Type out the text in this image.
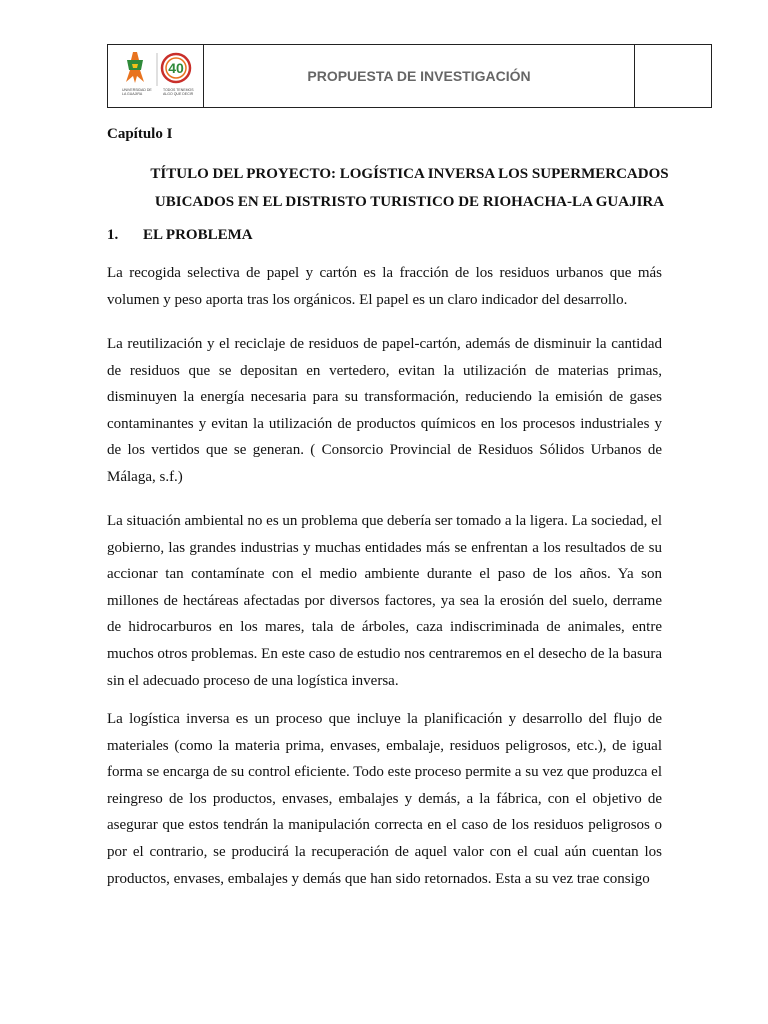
40
UNIVERSIDAD DE LA GUAJIRA
TODOS TENEMOS ALGO QUE DECIR
PROPUESTA DE INVESTIGACIÓN
Capítulo I
TÍTULO DEL PROYECTO: LOGÍSTICA INVERSA LOS SUPERMERCADOS
UBICADOS EN EL DISTRISTO TURISTICO DE RIOHACHA-LA GUAJIRA
1.	EL PROBLEMA

La recogida selectiva de papel y cartón es la fracción de los residuos urbanos que más volumen y peso aporta tras los orgánicos. El papel es un claro indicador del desarrollo.

La reutilización y el reciclaje de residuos de papel-cartón, además de disminuir la cantidad de residuos que se depositan en vertedero, evitan la utilización de materias primas, disminuyen la energía necesaria para su transformación, reduciendo la emisión de gases contaminantes y evitan la utilización de productos químicos en los procesos industriales y de los vertidos que se generan. ( Consorcio Provincial de Residuos Sólidos Urbanos de Málaga, s.f.)

La situación ambiental no es un problema que debería ser tomado a la ligera. La sociedad, el gobierno, las grandes industrias y muchas entidades más se enfrentan a los resultados de su accionar tan contamínate con el medio ambiente durante el paso de los años. Ya son millones de hectáreas afectadas por diversos factores, ya sea la erosión del suelo, derrame de hidrocarburos en los mares, tala de árboles, caza indiscriminada de animales, entre muchos otros problemas. En este caso de estudio nos centraremos en el desecho de la basura sin el adecuado proceso de una logística inversa.

La logística inversa es un proceso que incluye la planificación y desarrollo del flujo de materiales (como la materia prima, envases, embalaje, residuos peligrosos, etc.), de igual forma se encarga de su control eficiente. Todo este proceso permite a su vez que produzca el reingreso de los productos, envases, embalajes y demás, a la fábrica, con el objetivo de asegurar que estos tendrán la manipulación correcta en el caso de los residuos peligrosos o por el contrario, se producirá la recuperación de aquel valor con el cual aún cuentan los productos, envases, embalajes y demás que han sido retornados. Esta a su vez trae consigo
